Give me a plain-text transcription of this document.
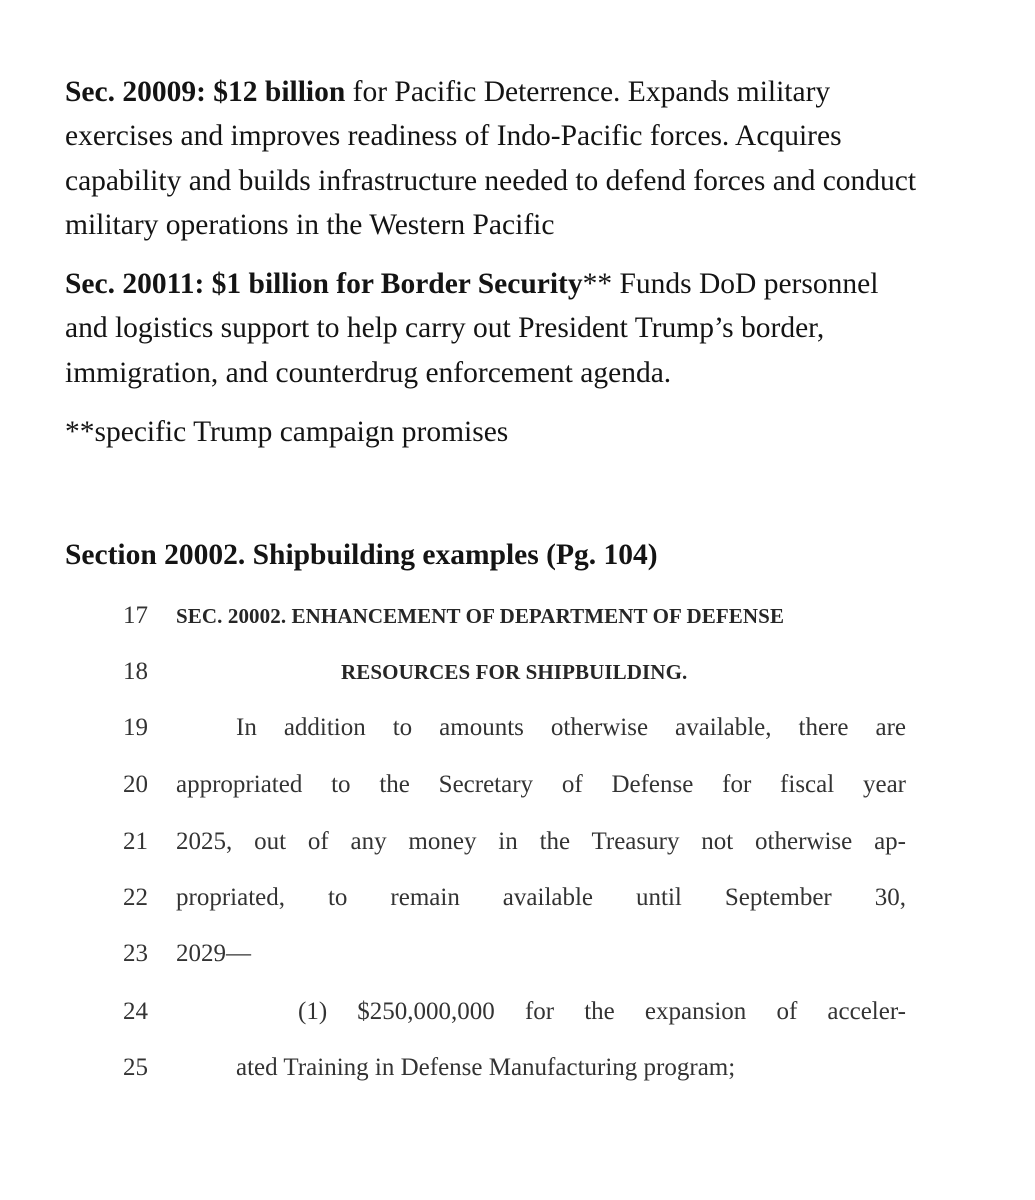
Sec. 20009: $12 billion for Pacific Deterrence. Expands military
exercises and improves readiness of Indo-Pacific forces. Acquires
capability and builds infrastructure needed to defend forces and conduct
military operations in the Western Pacific

Sec. 20011: $1 billion for Border Security** Funds DoD personnel
and logistics support to help carry out President Trump’s border,
immigration, and counterdrug enforcement agenda.

**specific Trump campaign promises

Section 20002. Shipbuilding examples (Pg. 104)
17	SEC. 20002. ENHANCEMENT OF DEPARTMENT OF DEFENSE
18	RESOURCES FOR SHIPBUILDING.
19	In addition to amounts otherwise available, there are
20	appropriated to the Secretary of Defense for fiscal year
21	2025, out of any money in the Treasury not otherwise ap-
22	propriated, to remain available until September 30,
23	2029—
24	(1) $250,000,000 for the expansion of acceler-
25	ated Training in Defense Manufacturing program;
